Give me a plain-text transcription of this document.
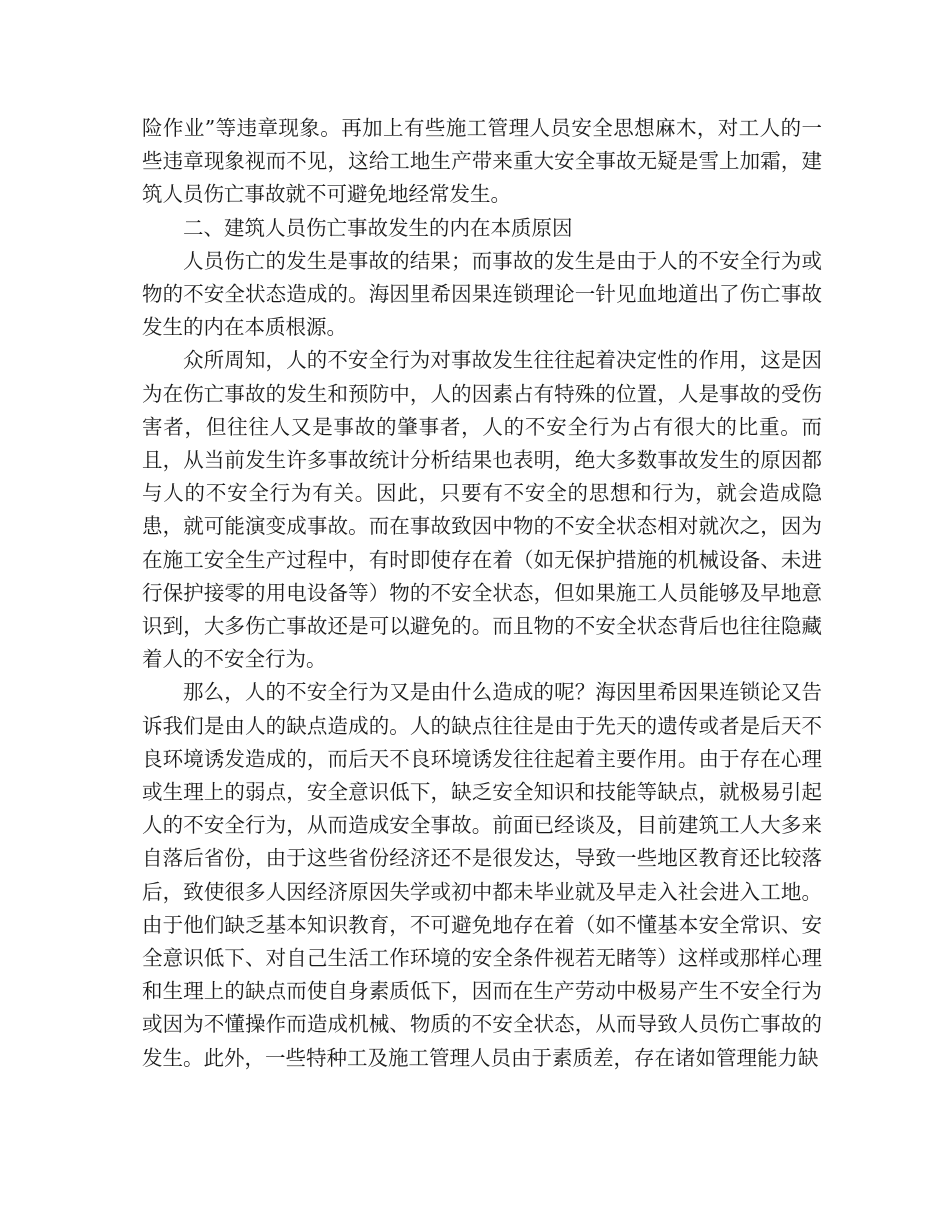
险作业”等违章现象。再加上有些施工管理人员安全思想麻木，对工人的一些违章现象视而不见，这给工地生产带来重大安全事故无疑是雪上加霜，建筑人员伤亡事故就不可避免地经常发生。

二、建筑人员伤亡事故发生的内在本质原因

人员伤亡的发生是事故的结果；而事故的发生是由于人的不安全行为或物的不安全状态造成的。海因里希因果连锁理论一针见血地道出了伤亡事故发生的内在本质根源。

众所周知，人的不安全行为对事故发生往往起着决定性的作用，这是因为在伤亡事故的发生和预防中，人的因素占有特殊的位置，人是事故的受伤害者，但往往人又是事故的肇事者，人的不安全行为占有很大的比重。而且，从当前发生许多事故统计分析结果也表明，绝大多数事故发生的原因都与人的不安全行为有关。因此，只要有不安全的思想和行为，就会造成隐患，就可能演变成事故。而在事故致因中物的不安全状态相对就次之，因为在施工安全生产过程中，有时即使存在着（如无保护措施的机械设备、未进行保护接零的用电设备等）物的不安全状态，但如果施工人员能够及早地意识到，大多伤亡事故还是可以避免的。而且物的不安全状态背后也往往隐藏着人的不安全行为。

那么，人的不安全行为又是由什么造成的呢？海因里希因果连锁论又告诉我们是由人的缺点造成的。人的缺点往往是由于先天的遗传或者是后天不良环境诱发造成的，而后天不良环境诱发往往起着主要作用。由于存在心理或生理上的弱点，安全意识低下，缺乏安全知识和技能等缺点，就极易引起人的不安全行为，从而造成安全事故。前面已经谈及，目前建筑工人大多来自落后省份，由于这些省份经济还不是很发达，导致一些地区教育还比较落后，致使很多人因经济原因失学或初中都未毕业就及早走入社会进入工地。由于他们缺乏基本知识教育，不可避免地存在着（如不懂基本安全常识、安全意识低下、对自己生活工作环境的安全条件视若无睹等）这样或那样心理和生理上的缺点而使自身素质低下，因而在生产劳动中极易产生不安全行为或因为不懂操作而造成机械、物质的不安全状态，从而导致人员伤亡事故的发生。此外，一些特种工及施工管理人员由于素质差，存在诸如管理能力缺
